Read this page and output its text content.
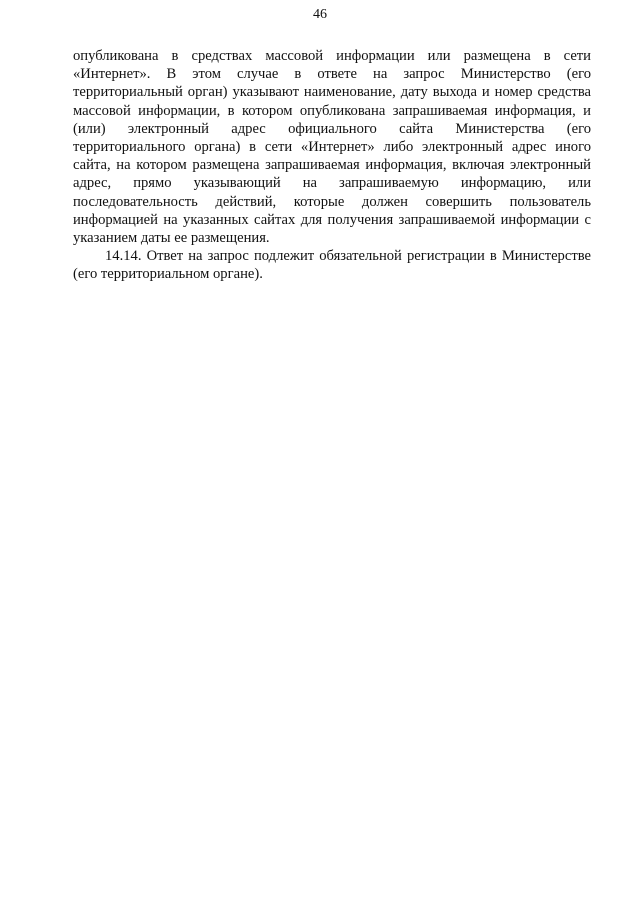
46

опубликована в средствах массовой информации или размещена в сети «Интернет». В этом случае в ответе на запрос Министерство (его территориальный орган) указывают наименование, дату выхода и номер средства массовой информации, в котором опубликована запрашиваемая информация, и (или) электронный адрес официального сайта Министерства (его территориального органа) в сети «Интернет» либо электронный адрес иного сайта, на котором размещена запрашиваемая информация, включая электронный адрес, прямо указывающий на запрашиваемую информацию, или последовательность действий, которые должен совершить пользователь информацией на указанных сайтах для получения запрашиваемой информации с указанием даты ее размещения.

14.14. Ответ на запрос подлежит обязательной регистрации в Министерстве (его территориальном органе).
